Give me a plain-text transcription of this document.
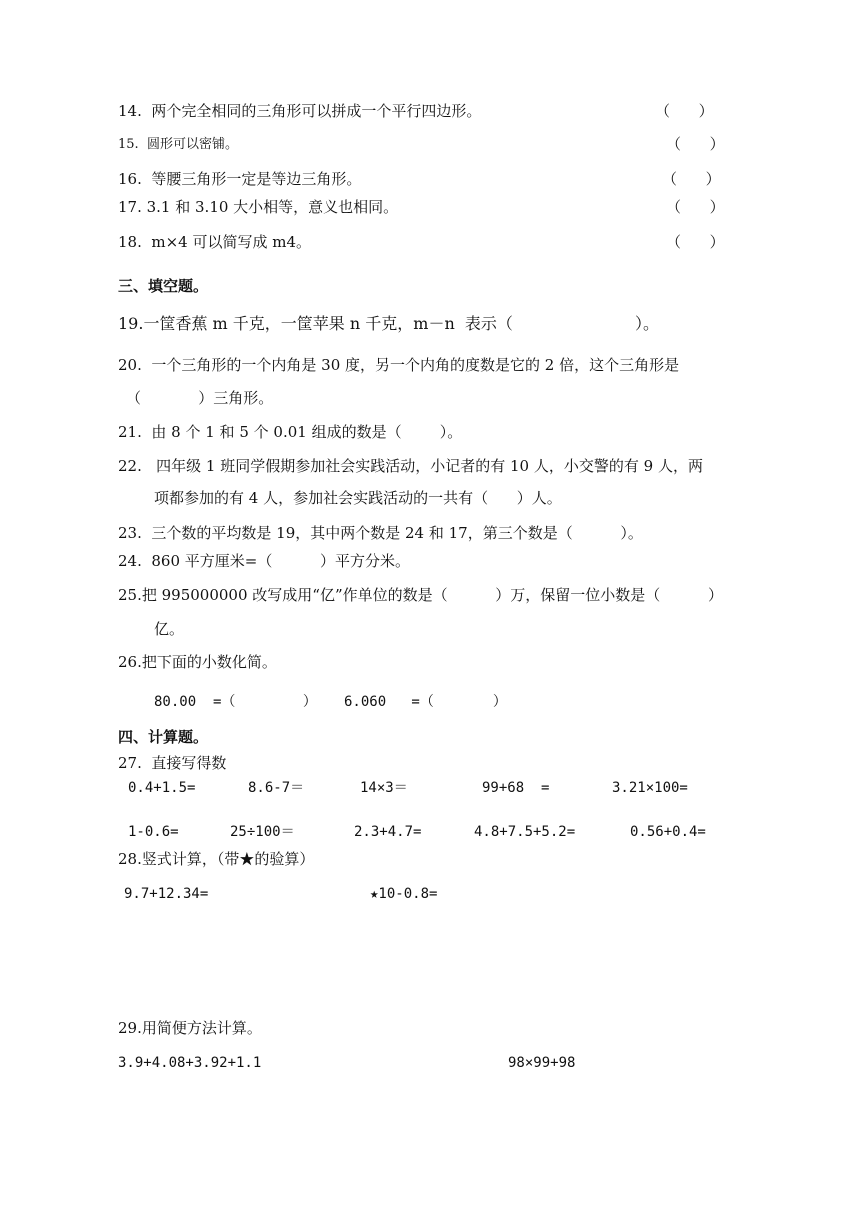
14.  两个完全相同的三角形可以拼成一个平行四边形。	（      ）
15.  圆形可以密铺。	（      ）
16.  等腰三角形一定是等边三角形。	（      ）
17. 3.1 和 3.10 大小相等，意义也相同。	（      ）
18.  m×4 可以简写成 m4。	（      ）
三、填空题。
19.一筐香蕉 m 千克，一筐苹果 n 千克，m－n  表示（                        ）。
20.  一个三角形的一个内角是 30 度，另一个内角的度数是它的 2 倍，这个三角形是
（            ）三角形。
21.  由 8 个 1 和 5 个 0.01 组成的数是（        ）。
22.   四年级 1 班同学假期参加社会实践活动，小记者的有 10 人，小交警的有 9 人，两
项都参加的有 4 人，参加社会实践活动的一共有（      ）人。
23.  三个数的平均数是 19，其中两个数是 24 和 17，第三个数是（          ）。
24.  860 平方厘米=（          ）平方分米。
25.把 995000000 改写成用“亿”作单位的数是（          ）万，保留一位小数是（          ）
亿。
26.把下面的小数化简。
80.00  =（        ） 6.060   =（       ）
四、计算题。
27.  直接写得数
0.4+1.5=	8.6-7＝	14×3＝	99+68  =	3.21×100=
1-0.6=	25÷100＝	2.3+4.7=	4.8+7.5+5.2=	0.56+0.4=
28.竖式计算，（带★的验算）
9.7+12.34=	★10-0.8=
29.用简便方法计算。
3.9+4.08+3.92+1.1	98×99+98
